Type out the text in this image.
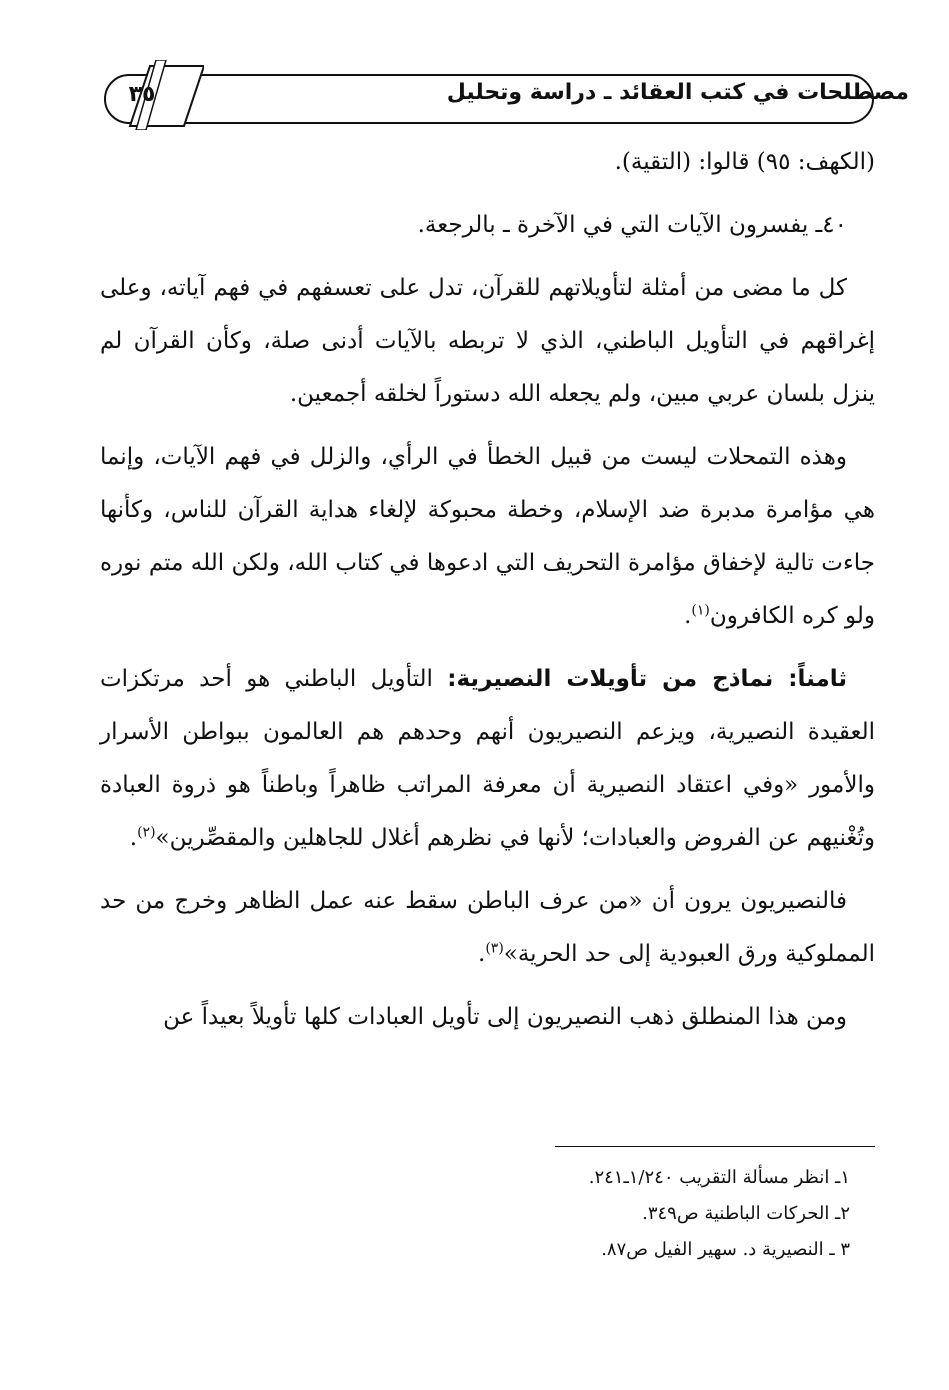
٣٥	مصطلحات في كتب العقائد ـ دراسة وتحليل

(الكهف: ٩٥) قالوا: (التقية).

٤٠ـ يفسرون الآيات التي في الآخرة ـ بالرجعة.

كل ما مضى من أمثلة لتأويلاتهم للقرآن، تدل على تعسفهم في فهم آياته، وعلى إغراقهم في التأويل الباطني، الذي لا تربطه بالآيات أدنى صلة، وكأن القرآن لم ينزل بلسان عربي مبين، ولم يجعله الله دستوراً لخلقه أجمعين.

وهذه التمحلات ليست من قبيل الخطأ في الرأي، والزلل في فهم الآيات، وإنما هي مؤامرة مدبرة ضد الإسلام، وخطة محبوكة لإلغاء هداية القرآن للناس، وكأنها جاءت تالية لإخفاق مؤامرة التحريف التي ادعوها في كتاب الله، ولكن الله متم نوره ولو كره الكافرون$^{(١)}$.

ثامناً: نماذج من تأويلات النصيرية: التأويل الباطني هو أحد مرتكزات العقيدة النصيرية، ويزعم النصيريون أنهم وحدهم هم العالمون ببواطن الأسرار والأمور «وفي اعتقاد النصيرية أن معرفة المراتب ظاهراً وباطناً هو ذروة العبادة وتُغْنيهم عن الفروض والعبادات؛ لأنها في نظرهم أغلال للجاهلين والمقصِّرين»$^{(٢)}$.

فالنصيريون يرون أن «من عرف الباطن سقط عنه عمل الظاهر وخرج من حد المملوكية ورق العبودية إلى حد الحرية»$^{(٣)}$.

ومن هذا المنطلق ذهب النصيريون إلى تأويل العبادات كلها تأويلاً بعيداً عن

١ـ انظر مسألة التقريب ١/٢٤٠ـ٢٤١.
٢ـ الحركات الباطنية ص٣٤٩.
٣ ـ النصيرية د. سهير الفيل ص٨٧.
